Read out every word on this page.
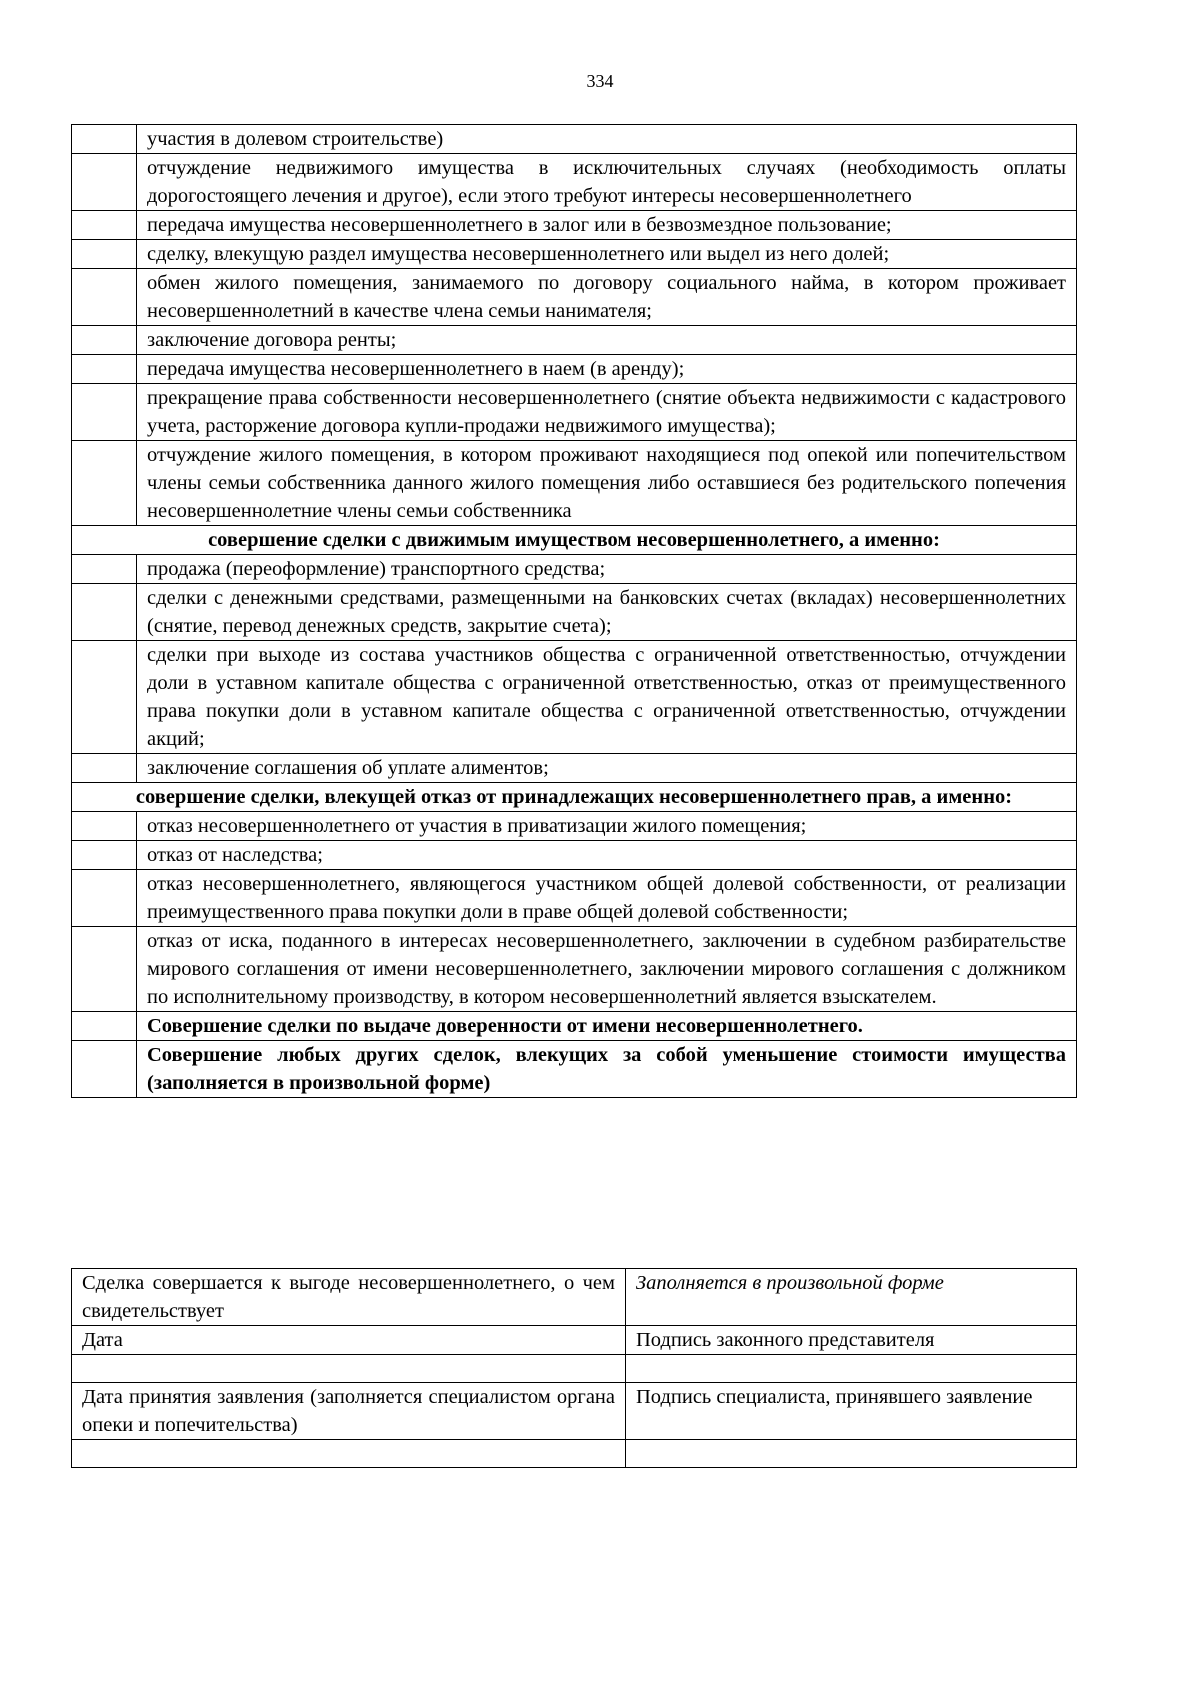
334
	участия в долевом строительстве)
	отчуждение недвижимого имущества в исключительных случаях (необходимость оплаты дорогостоящего лечения и другое), если этого требуют интересы несовершеннолетнего
	передача имущества несовершеннолетнего в залог или в безвозмездное пользование;
	сделку, влекущую раздел имущества несовершеннолетнего или выдел из него долей;
	обмен жилого помещения, занимаемого по договору социального найма, в котором проживает несовершеннолетний в качестве члена семьи нанимателя;
	заключение договора ренты;
	передача имущества несовершеннолетнего в наем (в аренду);
	прекращение права собственности несовершеннолетнего (снятие объекта недвижимости с кадастрового учета, расторжение договора купли-продажи недвижимого имущества);
	отчуждение жилого помещения, в котором проживают находящиеся под опекой или попечительством члены семьи собственника данного жилого помещения либо оставшиеся без родительского попечения несовершеннолетние члены семьи собственника
совершение сделки с движимым имуществом несовершеннолетнего, а именно:	
	продажа (переоформление) транспортного средства;
	сделки с денежными средствами, размещенными на банковских счетах (вкладах) несовершеннолетних (снятие, перевод денежных средств, закрытие счета);
	сделки при выходе из состава участников общества с ограниченной ответственностью, отчуждении доли в уставном капитале общества с ограниченной ответственностью, отказ от преимущественного права покупки доли в уставном капитале общества с ограниченной ответственностью, отчуждении акций;
	заключение соглашения об уплате алиментов;
совершение сделки, влекущей отказ от принадлежащих несовершеннолетнего прав, а именно:	
	отказ несовершеннолетнего от участия в приватизации жилого помещения;
	отказ от наследства;
	отказ несовершеннолетнего, являющегося участником общей долевой собственности, от реализации преимущественного права покупки доли в праве общей долевой собственности;
	отказ от иска, поданного в интересах несовершеннолетнего, заключении в судебном разбирательстве мирового соглашения от имени несовершеннолетнего, заключении мирового соглашения с должником по исполнительному производству, в котором несовершеннолетний является взыскателем.
	Совершение сделки по выдаче доверенности от имени несовершеннолетнего.
	Совершение любых других сделок, влекущих за собой уменьшение стоимости имущества (заполняется в произвольной форме)
Сделка совершается к выгоде несовершеннолетнего, о чем свидетельствует	Заполняется в произвольной форме
Дата	Подпись законного представителя

Дата принятия заявления (заполняется специалистом органа опеки и попечительства)	Подпись специалиста, принявшего заявление
